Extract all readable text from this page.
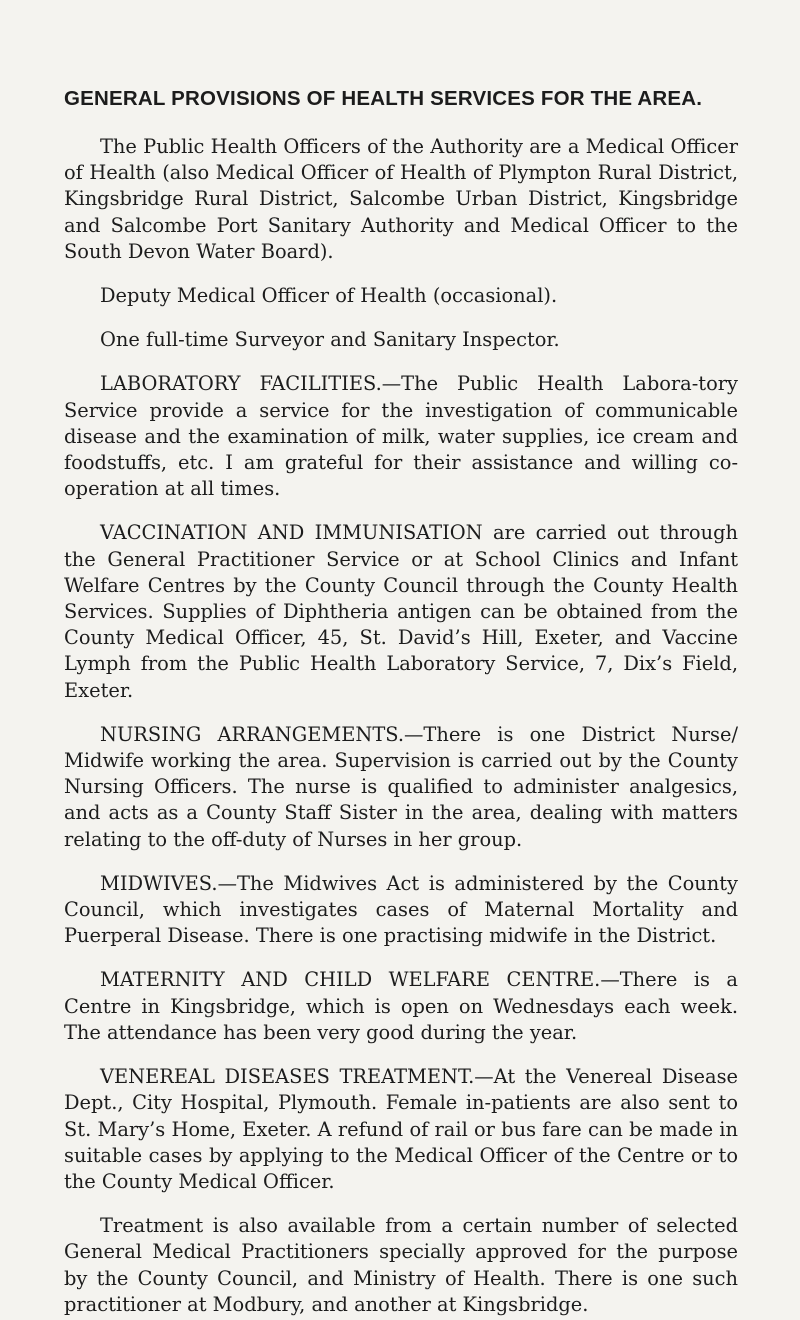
GENERAL PROVISIONS OF HEALTH SERVICES FOR THE AREA.

The Public Health Officers of the Authority are a Medical Officer of Health (also Medical Officer of Health of Plympton Rural District, Kingsbridge Rural District, Salcombe Urban District, Kingsbridge and Salcombe Port Sanitary Authority and Medical Officer to the South Devon Water Board).

Deputy Medical Officer of Health (occasional).

One full-time Surveyor and Sanitary Inspector.

LABORATORY FACILITIES.—The Public Health Labora-tory Service provide a service for the investigation of communicable disease and the examination of milk, water supplies, ice cream and foodstuffs, etc. I am grateful for their assistance and willing co-operation at all times.

VACCINATION AND IMMUNISATION are carried out through the General Practitioner Service or at School Clinics and Infant Welfare Centres by the County Council through the County Health Services. Supplies of Diphtheria antigen can be obtained from the County Medical Officer, 45, St. David’s Hill, Exeter, and Vaccine Lymph from the Public Health Laboratory Service, 7, Dix’s Field, Exeter.

NURSING ARRANGEMENTS.—There is one District Nurse/ Midwife working the area. Supervision is carried out by the County Nursing Officers. The nurse is qualified to administer analgesics, and acts as a County Staff Sister in the area, dealing with matters relating to the off-duty of Nurses in her group.

MIDWIVES.—The Midwives Act is administered by the County Council, which investigates cases of Maternal Mortality and Puerperal Disease. There is one practising midwife in the District.

MATERNITY AND CHILD WELFARE CENTRE.—There is a Centre in Kingsbridge, which is open on Wednesdays each week. The attendance has been very good during the year.

VENEREAL DISEASES TREATMENT.—At the Venereal Disease Dept., City Hospital, Plymouth. Female in-patients are also sent to St. Mary’s Home, Exeter. A refund of rail or bus fare can be made in suitable cases by applying to the Medical Officer of the Centre or to the County Medical Officer.

Treatment is also available from a certain number of selected General Medical Practitioners specially approved for the purpose by the County Council, and Ministry of Health. There is one such practitioner at Modbury, and another at Kingsbridge.
